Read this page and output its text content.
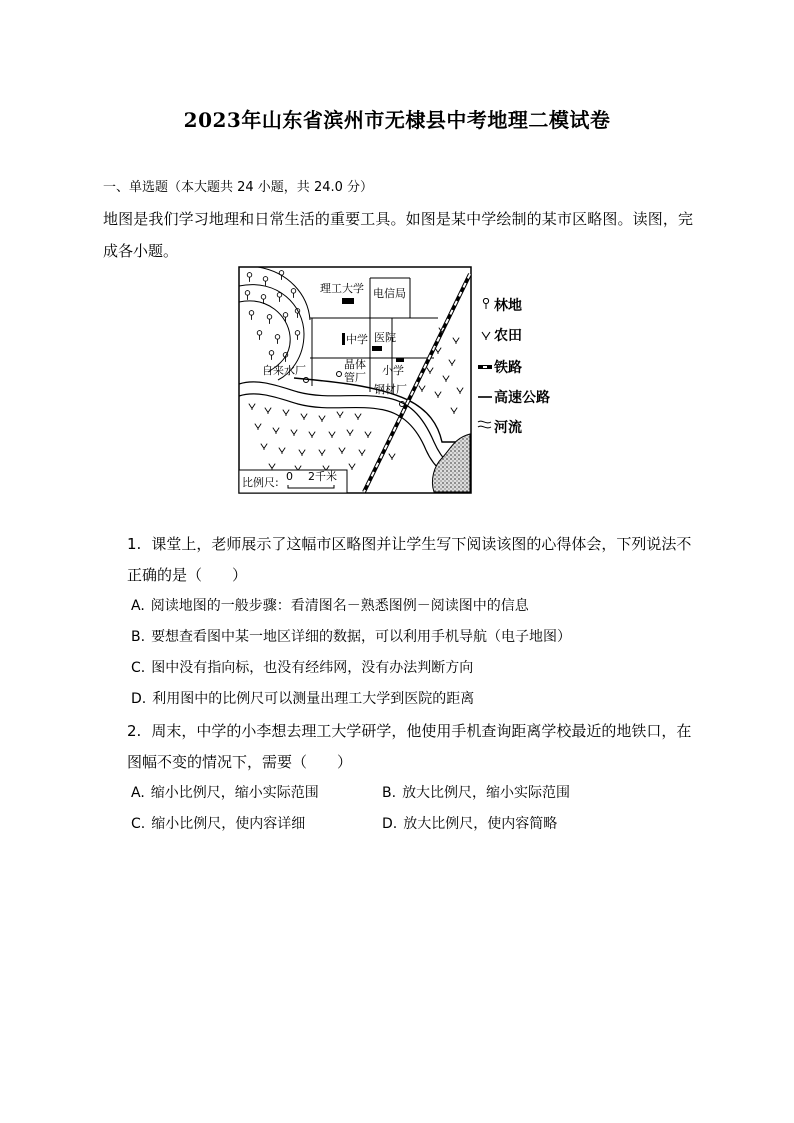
2023年山东省滨州市无棣县中考地理二模试卷
一、单选题（本大题共 24 小题，共 24.0 分）
地图是我们学习地理和日常生活的重要工具。如图是某中学绘制的某市区略图。读图，完成各小题。
理工大学 电信局
中学 医院
自来水厂	晶体
管厂
小学
钢材厂
比例尺: 0 2千米
林地
农田
铁路
高速公路
河流
1. 课堂上，老师展示了这幅市区略图并让学生写下阅读该图的心得体会，下列说法不正确的是（　　）
A. 阅读地图的一般步骤：看清图名－熟悉图例－阅读图中的信息
B. 要想查看图中某一地区详细的数据，可以利用手机导航（电子地图）
C. 图中没有指向标，也没有经纬网，没有办法判断方向
D. 利用图中的比例尺可以测量出理工大学到医院的距离
2. 周末，中学的小李想去理工大学研学，他使用手机查询距离学校最近的地铁口，在图幅不变的情况下，需要（　　）
A. 缩小比例尺，缩小实际范围	B. 放大比例尺，缩小实际范围
C. 缩小比例尺，使内容详细	D. 放大比例尺，使内容简略
